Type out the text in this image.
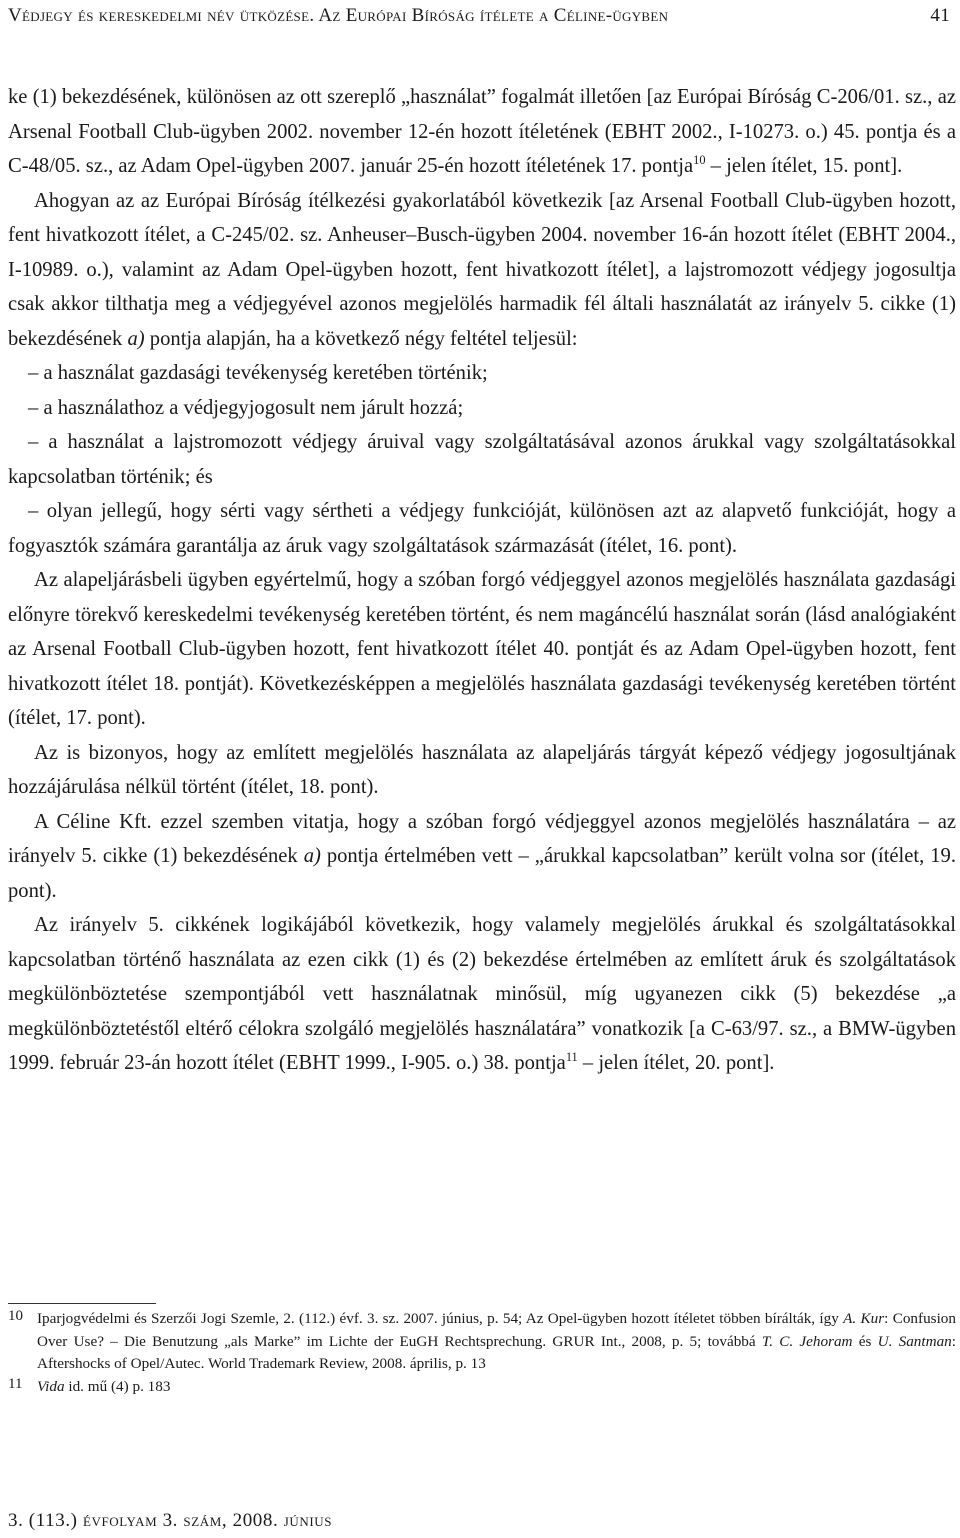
Védjegy és kereskedelmi név ütközése. Az Európai Bíróság ítélete a Céline-ügyben	41

ke (1) bekezdésének, különösen az ott szereplő „használat” fogalmát illetően [az Európai Bíróság C-206/01. sz., az Arsenal Football Club-ügyben 2002. november 12-én hozott ítéletének (EBHT 2002., I-10273. o.) 45. pontja és a C-48/05. sz., az Adam Opel-ügyben 2007. január 25-én hozott ítéletének 17. pontja$^{10}$ – jelen ítélet, 15. pont].

Ahogyan az az Európai Bíróság ítélkezési gyakorlatából következik [az Arsenal Football Club-ügyben hozott, fent hivatkozott ítélet, a C-245/02. sz. Anheuser–Busch-ügyben 2004. november 16-án hozott ítélet (EBHT 2004., I-10989. o.), valamint az Adam Opel-ügyben hozott, fent hivatkozott ítélet], a lajstromozott védjegy jogosultja csak akkor tilthatja meg a védjegyével azonos megjelölés harmadik fél általi használatát az irányelv 5. cikke (1) bekezdésének a) pontja alapján, ha a következő négy feltétel teljesül:

– a használat gazdasági tevékenység keretében történik;

– a használathoz a védjegyjogosult nem járult hozzá;

– a használat a lajstromozott védjegy áruival vagy szolgáltatásával azonos árukkal vagy szolgáltatásokkal kapcsolatban történik; és

– olyan jellegű, hogy sérti vagy sértheti a védjegy funkcióját, különösen azt az alapvető funkcióját, hogy a fogyasztók számára garantálja az áruk vagy szolgáltatások származását (ítélet, 16. pont).

Az alapeljárásbeli ügyben egyértelmű, hogy a szóban forgó védjeggyel azonos megjelölés használata gazdasági előnyre törekvő kereskedelmi tevékenység keretében történt, és nem magáncélú használat során (lásd analógiaként az Arsenal Football Club-ügyben hozott, fent hivatkozott ítélet 40. pontját és az Adam Opel-ügyben hozott, fent hivatkozott ítélet 18. pontját). Következésképpen a megjelölés használata gazdasági tevékenység keretében történt (ítélet, 17. pont).

Az is bizonyos, hogy az említett megjelölés használata az alapeljárás tárgyát képező védjegy jogosultjának hozzájárulása nélkül történt (ítélet, 18. pont).

A Céline Kft. ezzel szemben vitatja, hogy a szóban forgó védjeggyel azonos megjelölés használatára – az irányelv 5. cikke (1) bekezdésének a) pontja értelmében vett – „árukkal kapcsolatban” került volna sor (ítélet, 19. pont).

Az irányelv 5. cikkének logikájából következik, hogy valamely megjelölés árukkal és szolgáltatásokkal kapcsolatban történő használata az ezen cikk (1) és (2) bekezdése értelmében az említett áruk és szolgáltatások megkülönböztetése szempontjából vett használatnak minősül, míg ugyanezen cikk (5) bekezdése „a megkülönböztetéstől eltérő célokra szolgáló megjelölés használatára” vonatkozik [a C-63/97. sz., a BMW-ügyben 1999. február 23-án hozott ítélet (EBHT 1999., I-905. o.) 38. pontja$^{11}$ – jelen ítélet, 20. pont].

10 Iparjogvédelmi és Szerzői Jogi Szemle, 2. (112.) évf. 3. sz. 2007. június, p. 54; Az Opel-ügyben hozott ítéletet többen bírálták, így A. Kur: Confusion Over Use? – Die Benutzung „als Marke” im Lichte der EuGH Rechtsprechung. GRUR Int., 2008, p. 5; továbbá T. C. Jehoram és U. Santman: Aftershocks of Opel/Autec. World Trademark Review, 2008. április, p. 13
11 Vida id. mű (4) p. 183
3. (113.) évfolyam 3. szám, 2008. június
